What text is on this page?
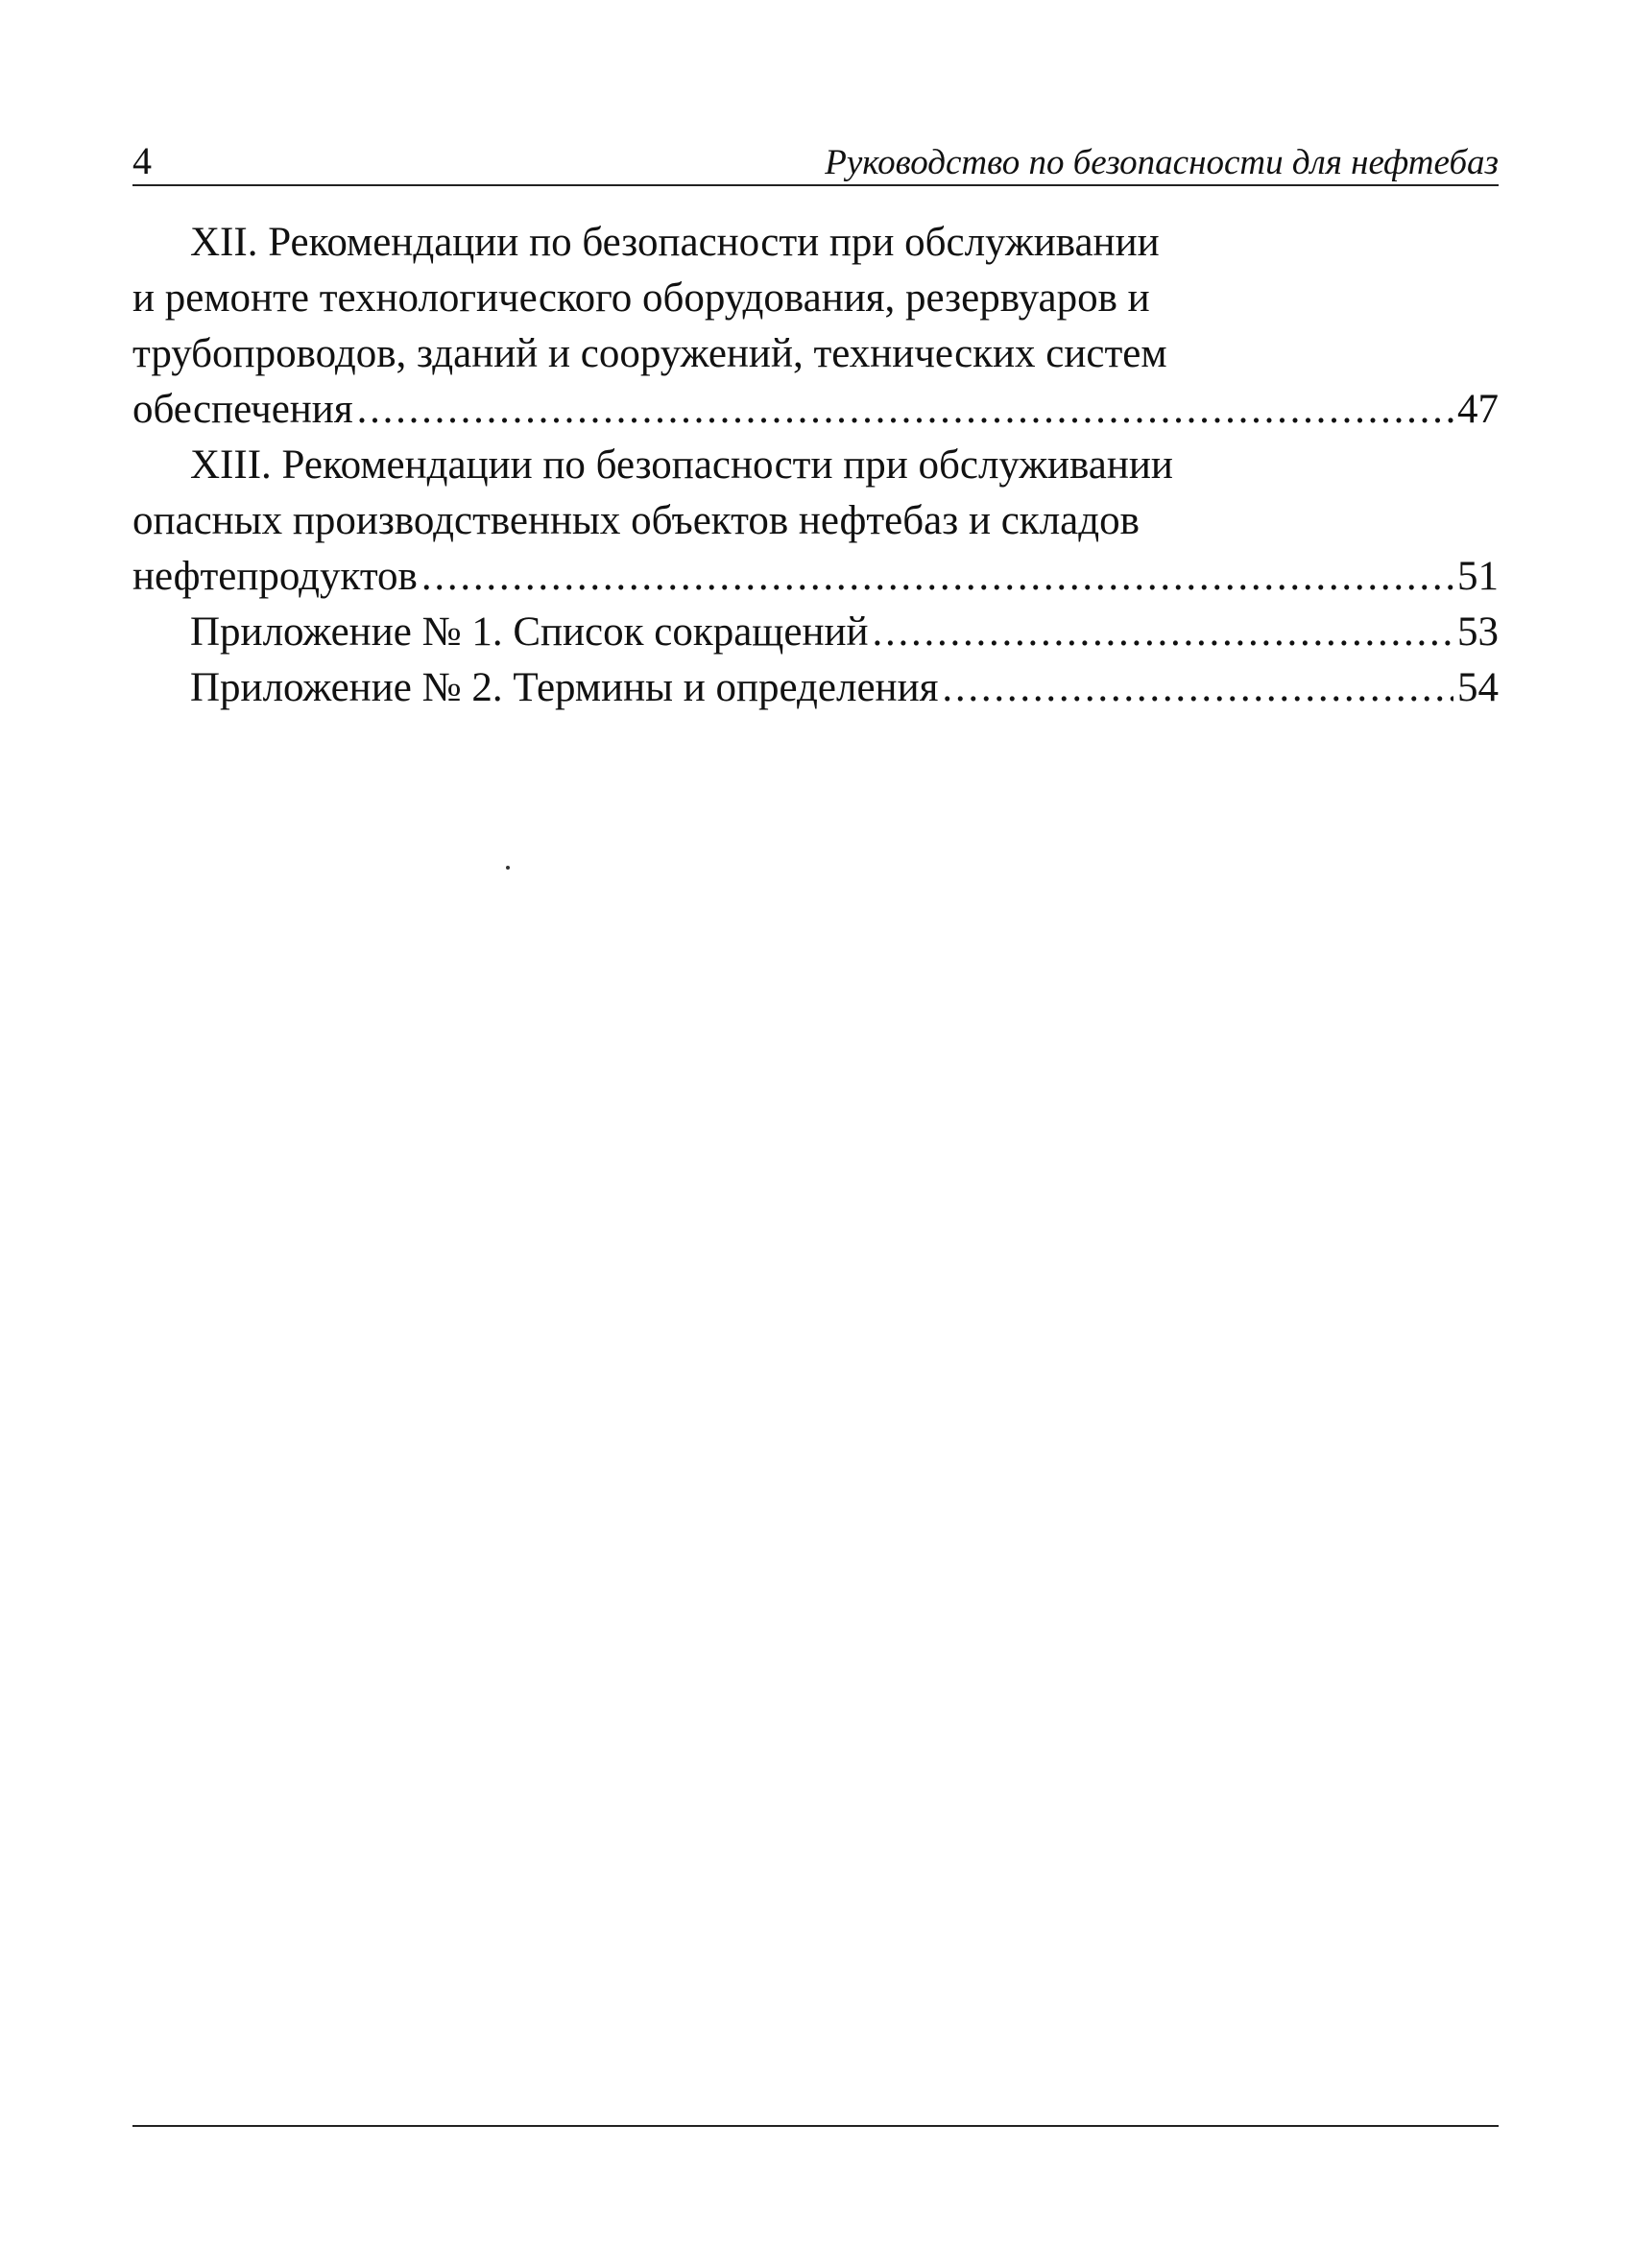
4	Руководство по безопасности для нефтебаз
XII. Рекомендации по безопасности при обслуживании
и ремонте технологического оборудования, резервуаров и
трубопроводов, зданий и сооружений, технических систем
обеспечения . . .	47
XIII. Рекомендации по безопасности при обслуживании
опасных производственных объектов нефтебаз и складов
нефтепродуктов . . .	51
Приложение № 1. Список сокращений . . .	53
Приложение № 2. Термины и определения . . .	54
